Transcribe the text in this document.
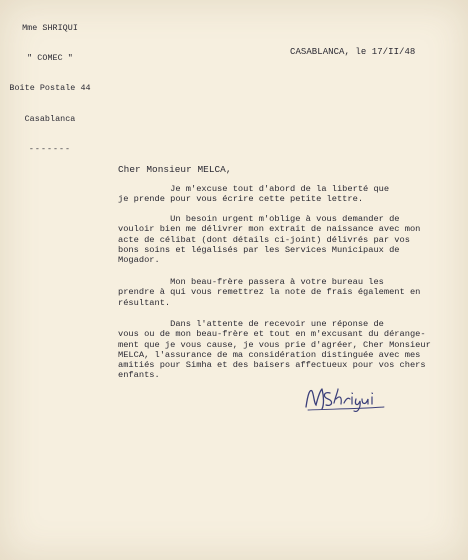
Mme SHRIQUI

" COMEC "

Boite Postale 44

Casablanca

-------

CASABLANCA, le 17/II/48
Cher Monsieur MELCA,
Je m'excuse tout d'abord de la liberté que
je prende pour vous écrire cette petite lettre.
Un besoin urgent m'oblige à vous demander de
vouloir bien me délivrer mon extrait de naissance avec mon
acte de célibat (dont détails ci-joint) délivrés par vos
bons soins et légalisés par les Services Municipaux de
Mogador.
Mon beau-frère passera à votre bureau les
prendre à qui vous remettrez la note de frais également en
résultant.
Dans l'attente de recevoir une réponse de
vous ou de mon beau-frère et tout en m'excusant du dérange-
ment que je vous cause, je vous prie d'agréer, Cher Monsieur
MELCA, l'assurance de ma considération distinguée avec mes
amitiés pour Simha et des baisers affectueux pour vos chers
enfants.
